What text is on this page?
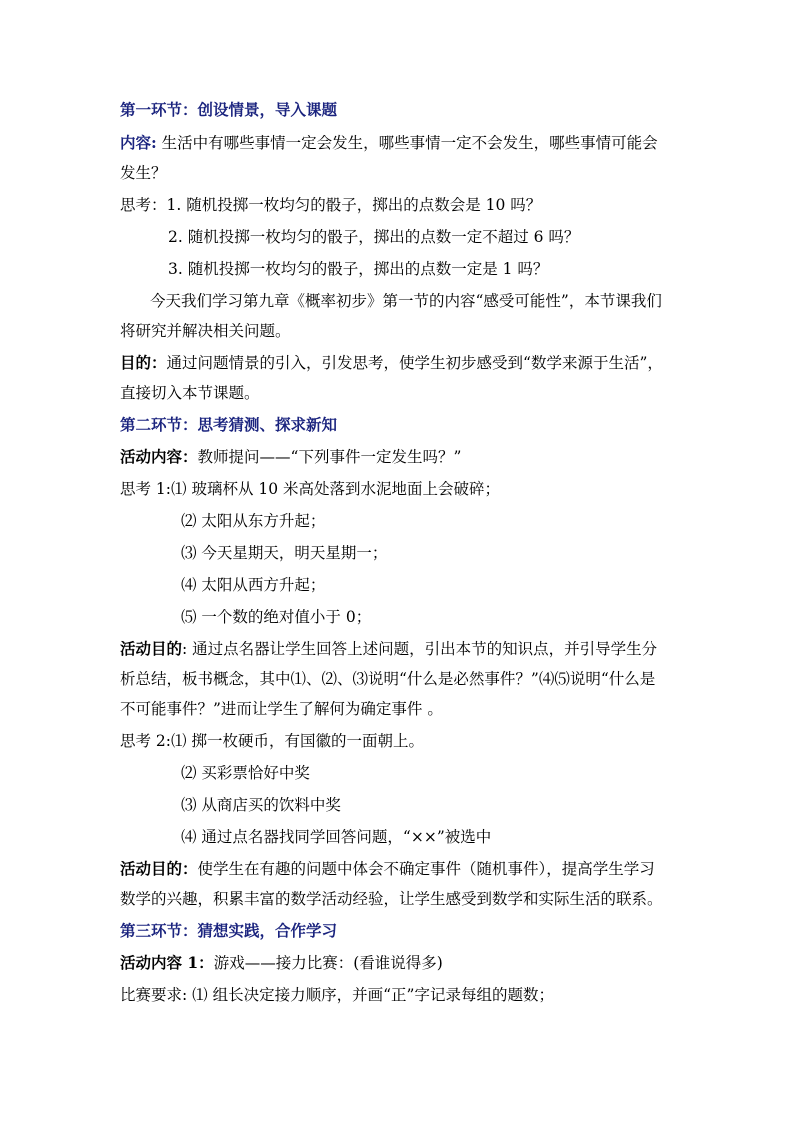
第一环节：创设情景，导入课题
内容: 生活中有哪些事情一定会发生，哪些事情一定不会发生，哪些事情可能会
发生？
思考：1. 随机投掷一枚均匀的骰子，掷出的点数会是 10 吗？
2. 随机投掷一枚均匀的骰子，掷出的点数一定不超过 6 吗？
3. 随机投掷一枚均匀的骰子，掷出的点数一定是 1 吗？
今天我们学习第九章《概率初步》第一节的内容“感受可能性”，本节课我们
将研究并解决相关问题。
目的：通过问题情景的引入，引发思考，使学生初步感受到“数学来源于生活”，
直接切入本节课题。
第二环节：思考猜测、探求新知
活动内容：教师提问——“下列事件一定发生吗？”
思考 1:⑴ 玻璃杯从 10 米高处落到水泥地面上会破碎；
⑵ 太阳从东方升起；
⑶ 今天星期天，明天星期一；
⑷ 太阳从西方升起；
⑸ 一个数的绝对值小于 0；
活动目的: 通过点名器让学生回答上述问题，引出本节的知识点，并引导学生分
析总结，板书概念，其中⑴、⑵、⑶说明“什么是必然事件？”⑷⑸说明“什么是
不可能事件？”进而让学生了解何为确定事件 。
思考 2:⑴ 掷一枚硬币，有国徽的一面朝上。
⑵ 买彩票恰好中奖
⑶ 从商店买的饮料中奖
⑷ 通过点名器找同学回答问题，“××”被选中
活动目的：使学生在有趣的问题中体会不确定事件（随机事件），提高学生学习
数学的兴趣，积累丰富的数学活动经验，让学生感受到数学和实际生活的联系。
第三环节：猜想实践，合作学习
活动内容 1：游戏——接力比赛：(看谁说得多)
比赛要求: ⑴ 组长决定接力顺序，并画“正”字记录每组的题数；
